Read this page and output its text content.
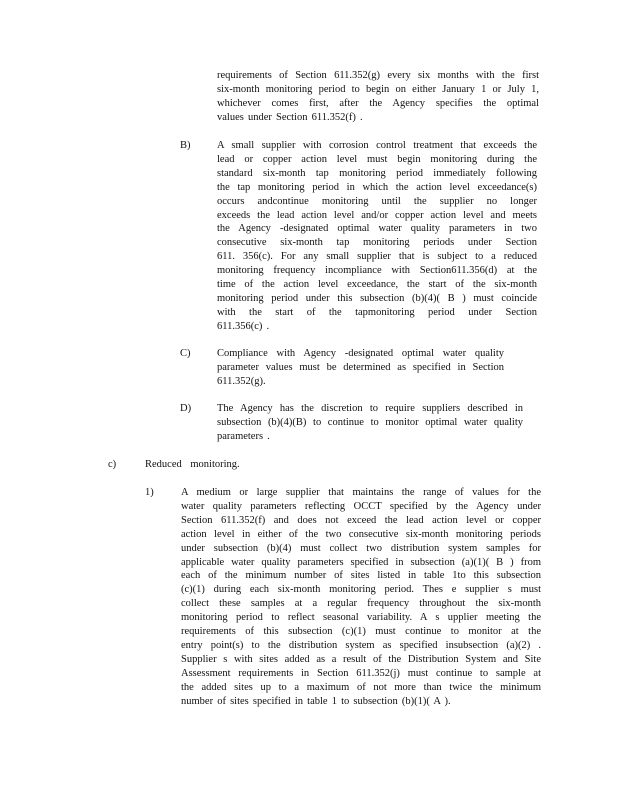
requirements of Section 611.352(g) every six months with the first
six-month monitoring period to begin on either January 1 or July 1,
whichever comes first, after the Agency specifies the optimal
values under Section 611.352(f) .
B)	A small supplier with corrosion control treatment that exceeds the
lead or copper action level must begin monitoring during the
standard six-month tap monitoring period immediately following
the tap monitoring period in which the action level exceedance(s)
occurs andcontinue monitoring until the supplier no longer
exceeds the lead action level and/or copper action level and meets
the Agency -designated optimal water quality parameters in two
consecutive six-month tap monitoring periods under Section
611. 356(c). For any small supplier that is subject to a reduced
monitoring frequency incompliance with Section611.356(d) at the
time of the action level exceedance, the start of the six-month
monitoring period under this subsection (b)(4)( B ) must coincide
with the start of the tapmonitoring period under Section
611.356(c) .
C)	Compliance with Agency -designated optimal water quality
parameter values must be determined as specified in Section
611.352(g).
D) The Agency has the discretion to require suppliers described in
subsection (b)(4)(B) to continue to monitor optimal water quality
parameters .
c)	Reduced monitoring.
1)	A medium or large supplier that maintains the range of values for the
water quality parameters reflecting OCCT specified by the Agency under
Section 611.352(f) and does not exceed the lead action level or copper
action level in either of the two consecutive six-month monitoring periods
under subsection (b)(4) must collect two distribution system samples for
applicable water quality parameters specified in subsection (a)(1)( B ) from
each of the minimum number of sites listed in table 1to this subsection
(c)(1) during each six-month monitoring period. Thes e supplier s must
collect these samples at a regular frequency throughout the six-month
monitoring period to reflect seasonal variability. A s upplier meeting the
requirements of this subsection (c)(1) must continue to monitor at the
entry point(s) to the distribution system as specified insubsection (a)(2) .
Supplier s with sites added as a result of the Distribution System and Site
Assessment requirements in Section 611.352(j) must continue to sample at
the added sites up to a maximum of not more than twice the minimum
number of sites specified in table 1 to subsection (b)(1)( A ).
